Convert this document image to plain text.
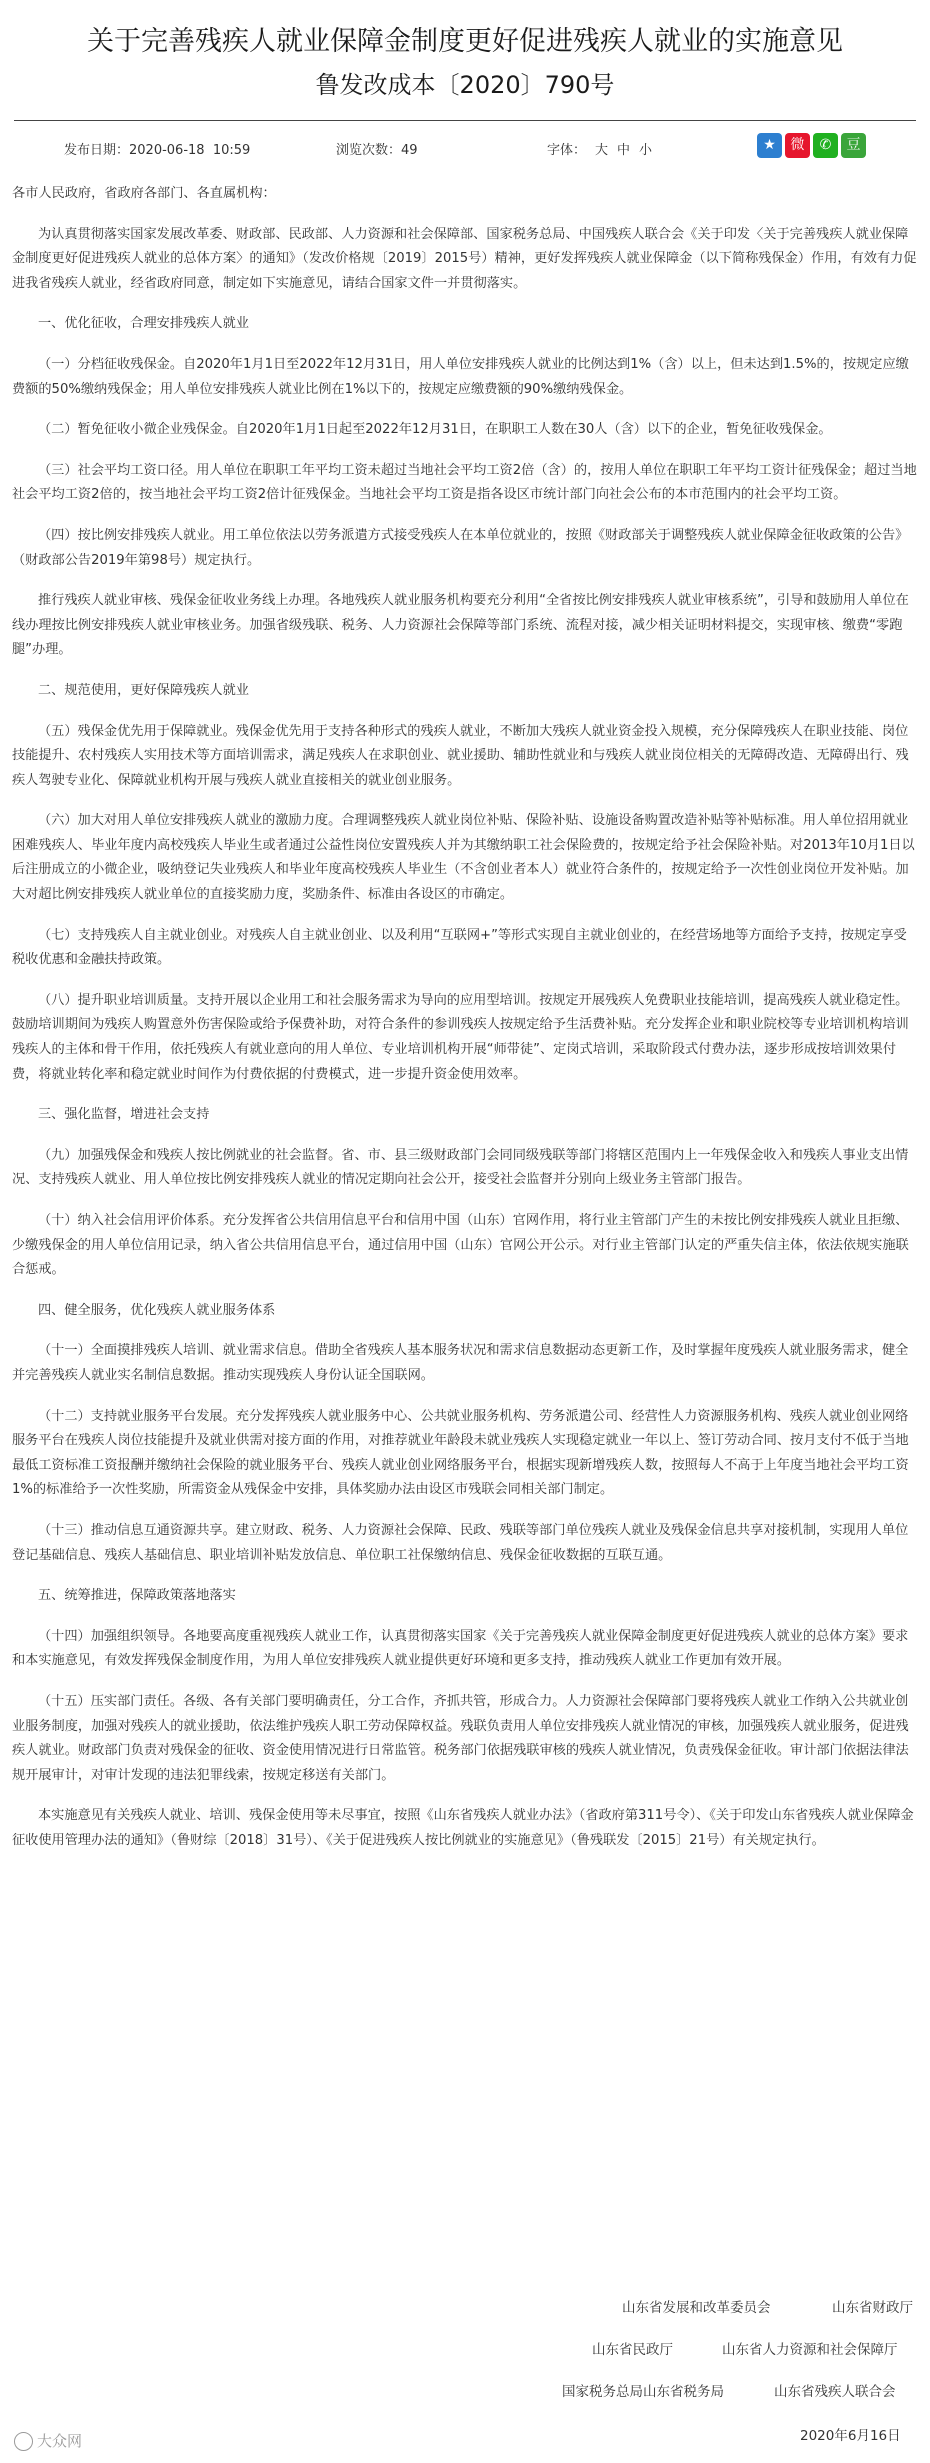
关于完善残疾人就业保障金制度更好促进残疾人就业的实施意见
鲁发改成本〔2020〕790号
发布日期：2020-06-18  10:59	浏览次数：49	字体： 大 中 小	★ 微 ✆ 豆

各市人民政府，省政府各部门、各直属机构：

为认真贯彻落实国家发展改革委、财政部、民政部、人力资源和社会保障部、国家税务总局、中国残疾人联合会《关于印发〈关于完善残疾人就业保障金制度更好促进残疾人就业的总体方案〉的通知》（发改价格规〔2019〕2015号）精神，更好发挥残疾人就业保障金（以下简称残保金）作用，有效有力促进我省残疾人就业，经省政府同意，制定如下实施意见，请结合国家文件一并贯彻落实。

一、优化征收，合理安排残疾人就业

（一）分档征收残保金。自2020年1月1日至2022年12月31日，用人单位安排残疾人就业的比例达到1%（含）以上，但未达到1.5%的，按规定应缴费额的50%缴纳残保金；用人单位安排残疾人就业比例在1%以下的，按规定应缴费额的90%缴纳残保金。

（二）暂免征收小微企业残保金。自2020年1月1日起至2022年12月31日，在职职工人数在30人（含）以下的企业，暂免征收残保金。

（三）社会平均工资口径。用人单位在职职工年平均工资未超过当地社会平均工资2倍（含）的，按用人单位在职职工年平均工资计征残保金；超过当地社会平均工资2倍的，按当地社会平均工资2倍计征残保金。当地社会平均工资是指各设区市统计部门向社会公布的本市范围内的社会平均工资。

（四）按比例安排残疾人就业。用工单位依法以劳务派遣方式接受残疾人在本单位就业的，按照《财政部关于调整残疾人就业保障金征收政策的公告》（财政部公告2019年第98号）规定执行。

推行残疾人就业审核、残保金征收业务线上办理。各地残疾人就业服务机构要充分利用“全省按比例安排残疾人就业审核系统”，引导和鼓励用人单位在线办理按比例安排残疾人就业审核业务。加强省级残联、税务、人力资源社会保障等部门系统、流程对接，减少相关证明材料提交，实现审核、缴费“零跑腿”办理。

二、规范使用，更好保障残疾人就业

（五）残保金优先用于保障就业。残保金优先用于支持各种形式的残疾人就业，不断加大残疾人就业资金投入规模，充分保障残疾人在职业技能、岗位技能提升、农村残疾人实用技术等方面培训需求，满足残疾人在求职创业、就业援助、辅助性就业和与残疾人就业岗位相关的无障碍改造、无障碍出行、残疾人驾驶专业化、保障就业机构开展与残疾人就业直接相关的就业创业服务。

（六）加大对用人单位安排残疾人就业的激励力度。合理调整残疾人就业岗位补贴、保险补贴、设施设备购置改造补贴等补贴标准。用人单位招用就业困难残疾人、毕业年度内高校残疾人毕业生或者通过公益性岗位安置残疾人并为其缴纳职工社会保险费的，按规定给予社会保险补贴。对2013年10月1日以后注册成立的小微企业，吸纳登记失业残疾人和毕业年度高校残疾人毕业生（不含创业者本人）就业符合条件的，按规定给予一次性创业岗位开发补贴。加大对超比例安排残疾人就业单位的直接奖励力度，奖励条件、标准由各设区的市确定。

（七）支持残疾人自主就业创业。对残疾人自主就业创业、以及利用“互联网+”等形式实现自主就业创业的，在经营场地等方面给予支持，按规定享受税收优惠和金融扶持政策。

（八）提升职业培训质量。支持开展以企业用工和社会服务需求为导向的应用型培训。按规定开展残疾人免费职业技能培训，提高残疾人就业稳定性。鼓励培训期间为残疾人购置意外伤害保险或给予保费补助，对符合条件的参训残疾人按规定给予生活费补贴。充分发挥企业和职业院校等专业培训机构培训残疾人的主体和骨干作用，依托残疾人有就业意向的用人单位、专业培训机构开展“师带徒”、定岗式培训，采取阶段式付费办法，逐步形成按培训效果付费，将就业转化率和稳定就业时间作为付费依据的付费模式，进一步提升资金使用效率。

三、强化监督，增进社会支持

（九）加强残保金和残疾人按比例就业的社会监督。省、市、县三级财政部门会同同级残联等部门将辖区范围内上一年残保金收入和残疾人事业支出情况、支持残疾人就业、用人单位按比例安排残疾人就业的情况定期向社会公开，接受社会监督并分别向上级业务主管部门报告。

（十）纳入社会信用评价体系。充分发挥省公共信用信息平台和信用中国（山东）官网作用，将行业主管部门产生的未按比例安排残疾人就业且拒缴、少缴残保金的用人单位信用记录，纳入省公共信用信息平台，通过信用中国（山东）官网公开公示。对行业主管部门认定的严重失信主体，依法依规实施联合惩戒。

四、健全服务，优化残疾人就业服务体系

（十一）全面摸排残疾人培训、就业需求信息。借助全省残疾人基本服务状况和需求信息数据动态更新工作，及时掌握年度残疾人就业服务需求，健全并完善残疾人就业实名制信息数据。推动实现残疾人身份认证全国联网。

（十二）支持就业服务平台发展。充分发挥残疾人就业服务中心、公共就业服务机构、劳务派遣公司、经营性人力资源服务机构、残疾人就业创业网络服务平台在残疾人岗位技能提升及就业供需对接方面的作用，对推荐就业年龄段未就业残疾人实现稳定就业一年以上、签订劳动合同、按月支付不低于当地最低工资标准工资报酬并缴纳社会保险的就业服务平台、残疾人就业创业网络服务平台，根据实现新增残疾人数，按照每人不高于上年度当地社会平均工资1%的标准给予一次性奖励，所需资金从残保金中安排，具体奖励办法由设区市残联会同相关部门制定。

（十三）推动信息互通资源共享。建立财政、税务、人力资源社会保障、民政、残联等部门单位残疾人就业及残保金信息共享对接机制，实现用人单位登记基础信息、残疾人基础信息、职业培训补贴发放信息、单位职工社保缴纳信息、残保金征收数据的互联互通。

五、统筹推进，保障政策落地落实

（十四）加强组织领导。各地要高度重视残疾人就业工作，认真贯彻落实国家《关于完善残疾人就业保障金制度更好促进残疾人就业的总体方案》要求和本实施意见，有效发挥残保金制度作用，为用人单位安排残疾人就业提供更好环境和更多支持，推动残疾人就业工作更加有效开展。

（十五）压实部门责任。各级、各有关部门要明确责任，分工合作，齐抓共管，形成合力。人力资源社会保障部门要将残疾人就业工作纳入公共就业创业服务制度，加强对残疾人的就业援助，依法维护残疾人职工劳动保障权益。残联负责用人单位安排残疾人就业情况的审核，加强残疾人就业服务，促进残疾人就业。财政部门负责对残保金的征收、资金使用情况进行日常监管。税务部门依据残联审核的残疾人就业情况，负责残保金征收。审计部门依据法律法规开展审计，对审计发现的违法犯罪线索，按规定移送有关部门。

本实施意见有关残疾人就业、培训、残保金使用等未尽事宜，按照《山东省残疾人就业办法》（省政府第311号令）、《关于印发山东省残疾人就业保障金征收使用管理办法的通知》（鲁财综〔2018〕31号）、《关于促进残疾人按比例就业的实施意见》（鲁残联发〔2015〕21号）有关规定执行。

山东省发展和改革委员会	山东省财政厅
山东省民政厅	山东省人力资源和社会保障厅
国家税务总局山东省税务局	山东省残疾人联合会
2020年6月16日
大众网
